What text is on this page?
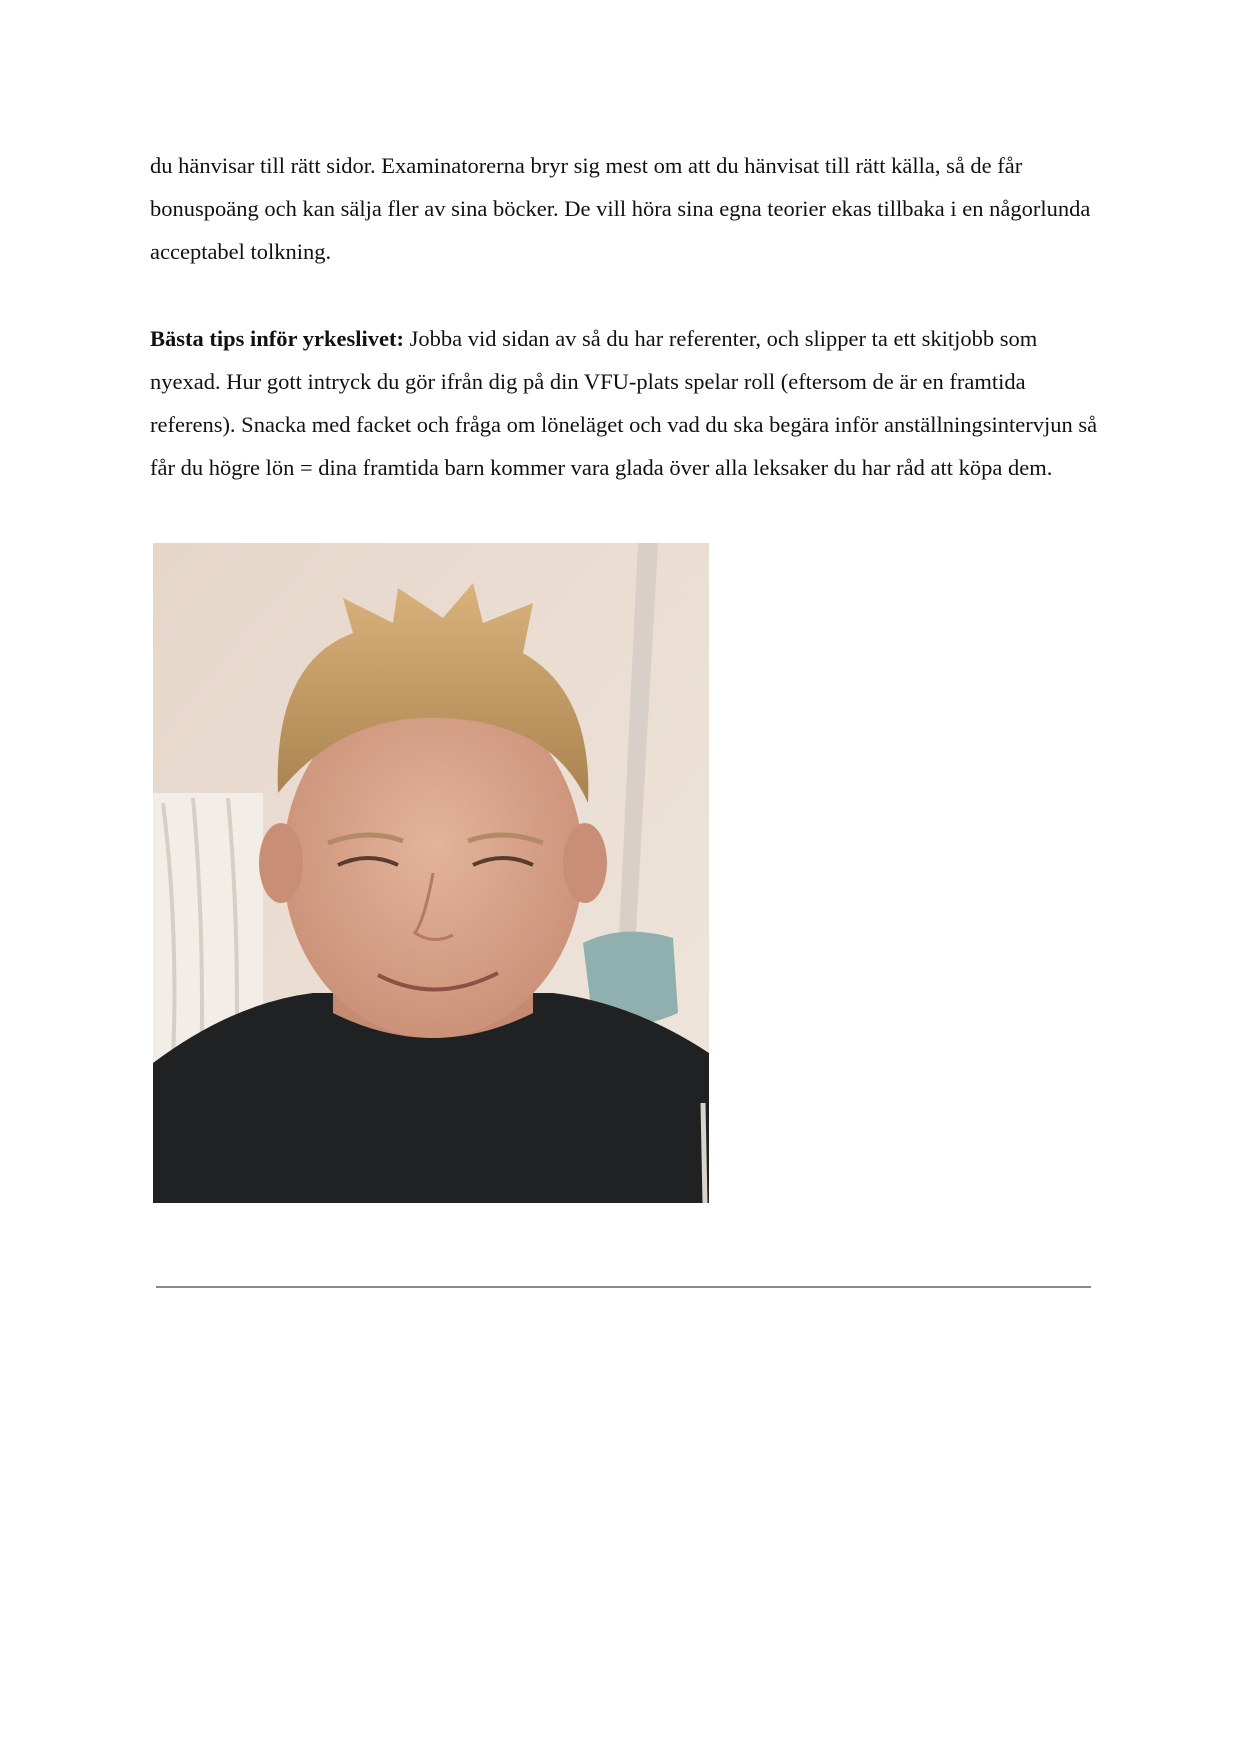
du hänvisar till rätt sidor. Examinatorerna bryr sig mest om att du hänvisat till rätt källa, så de får bonuspoäng och kan sälja fler av sina böcker. De vill höra sina egna teorier ekas tillbaka i en någorlunda acceptabel tolkning.

Bästa tips inför yrkeslivet: Jobba vid sidan av så du har referenter, och slipper ta ett skitjobb som nyexad. Hur gott intryck du gör ifrån dig på din VFU-plats spelar roll (eftersom de är en framtida referens). Snacka med facket och fråga om löneläget och vad du ska begära inför anställningsintervjun så får du högre lön = dina framtida barn kommer vara glada över alla leksaker du har råd att köpa dem.
